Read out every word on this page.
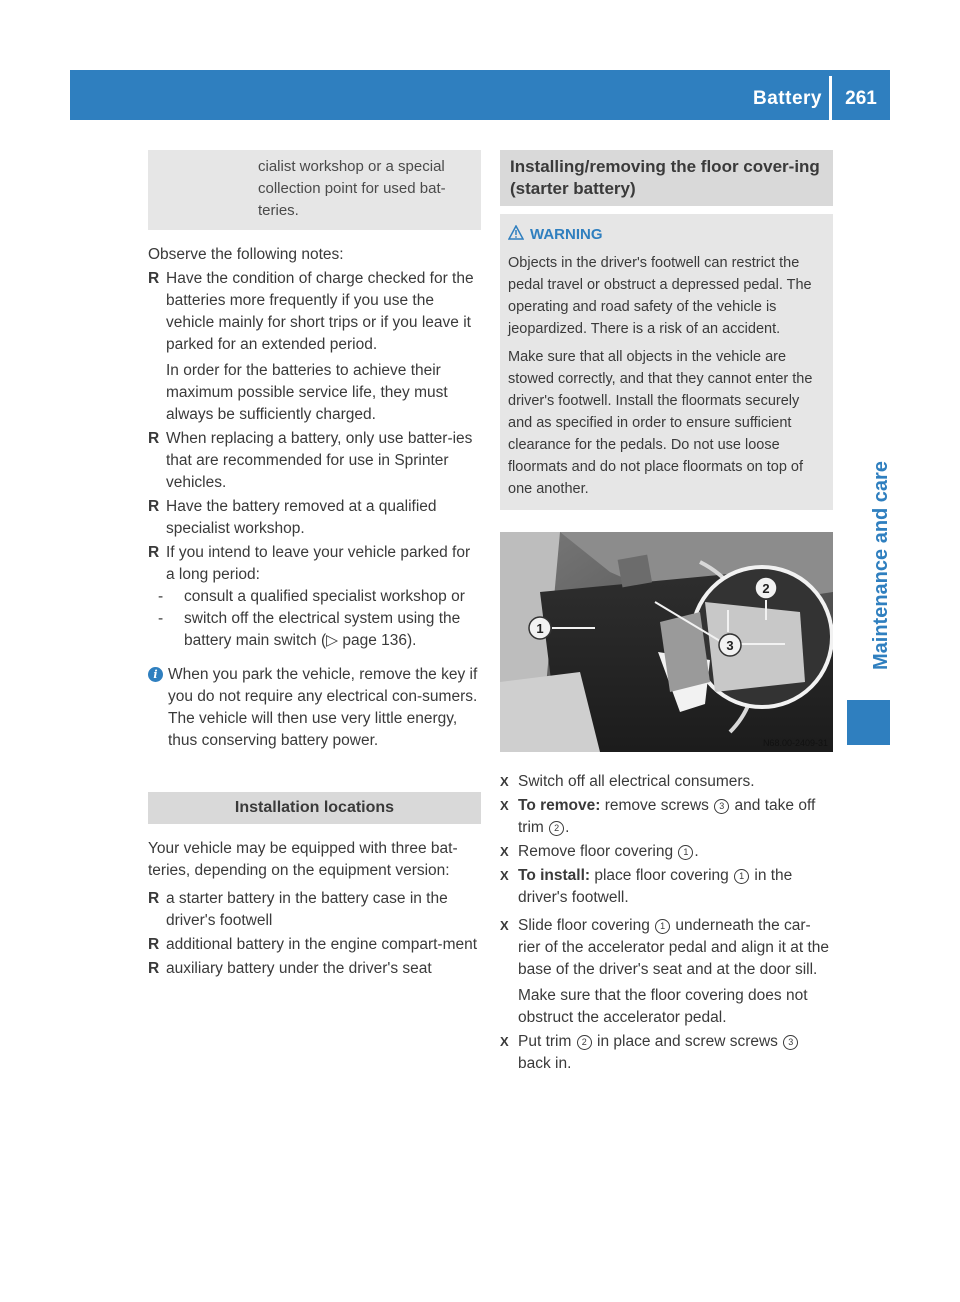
Battery	261
Maintenance and care

cialist workshop or a special

collection point for used bat-

teries.

Observe the following notes:

R Have the condition of charge checked for the batteries more frequently if you use the vehicle mainly for short trips or if you leave it parked for an extended period.

In order for the batteries to achieve their maximum possible service life, they must always be sufficiently charged.

R When replacing a battery, only use batter-ies that are recommended for use in Sprinter vehicles.

R Have the battery removed at a qualified specialist workshop.

R If you intend to leave your vehicle parked for a long period:

- consult a qualified specialist workshop or

- switch off the electrical system using the battery main switch (▷ page 136).

i When you park the vehicle, remove the key if you do not require any electrical con-sumers. The vehicle will then use very little energy, thus conserving battery power.

Installation locations

Your vehicle may be equipped with three bat-teries, depending on the equipment version:

R a starter battery in the battery case in the driver's footwell

R additional battery in the engine compart-ment

R auxiliary battery under the driver's seat

Installing/removing the floor cover-ing (starter battery)
WARNING

Objects in the driver's footwell can restrict the pedal travel or obstruct a depressed pedal. The operating and road safety of the vehicle is jeopardized. There is a risk of an accident.

Make sure that all objects in the vehicle are stowed correctly, and that they cannot enter the driver's footwell. Install the floormats securely and as specified in order to ensure sufficient clearance for the pedals. Do not use loose floormats and do not place floormats on top of one another.

1
2
3
N68.00-2409-31
X Switch off all electrical consumers.

X To remove: remove screws 3 and take off trim 2 .

X Remove floor covering 1 .

X To install: place floor covering 1 in the driver's footwell.

X Slide floor covering 1 underneath the car-rier of the accelerator pedal and align it at the base of the driver's seat and at the door sill.

Make sure that the floor covering does not obstruct the accelerator pedal.

X Put trim 2 in place and screw screws 3 back in.
